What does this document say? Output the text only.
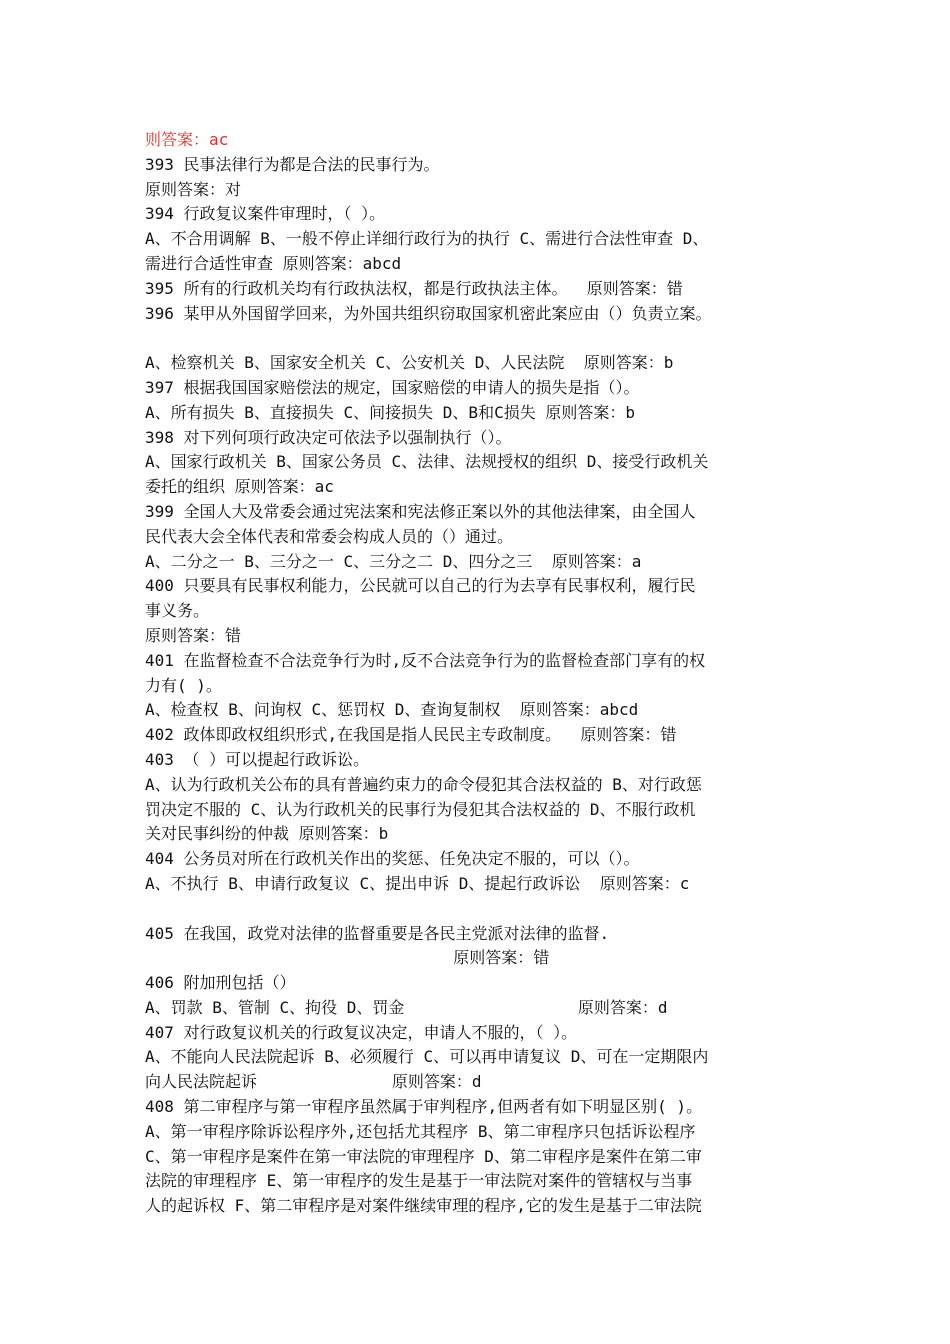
则答案：ac
393 民事法律行为都是合法的民事行为。
原则答案：对
394 行政复议案件审理时，（ ）。
A、不合用调解 B、一般不停止详细行政行为的执行 C、需进行合法性审查 D、
需进行合适性审查 原则答案：abcd
395 所有的行政机关均有行政执法权，都是行政执法主体。  原则答案：错
396 某甲从外国留学回来，为外国共组织窃取国家机密此案应由（）负责立案。
A、检察机关 B、国家安全机关 C、公安机关 D、人民法院  原则答案：b
397 根据我国国家赔偿法的规定，国家赔偿的申请人的损失是指（）。
A、所有损失 B、直接损失 C、间接损失 D、B和C损失 原则答案：b
398 对下列何项行政决定可依法予以强制执行（）。
A、国家行政机关 B、国家公务员 C、法律、法规授权的组织 D、接受行政机关
委托的组织 原则答案：ac
399 全国人大及常委会通过宪法案和宪法修正案以外的其他法律案，由全国人
民代表大会全体代表和常委会构成人员的（）通过。
A、二分之一 B、三分之一 C、三分之二 D、四分之三  原则答案：a
400 只要具有民事权利能力，公民就可以自己的行为去享有民事权利，履行民
事义务。
原则答案：错
401 在监督检查不合法竞争行为时,反不合法竞争行为的监督检查部门享有的权
力有( )。
A、检查权 B、问询权 C、惩罚权 D、查询复制权  原则答案：abcd
402 政体即政权组织形式,在我国是指人民民主专政制度。  原则答案：错
403 （ ）可以提起行政诉讼。
A、认为行政机关公布的具有普遍约束力的命令侵犯其合法权益的 B、对行政惩
罚决定不服的 C、认为行政机关的民事行为侵犯其合法权益的 D、不服行政机
关对民事纠纷的仲裁 原则答案：b
404 公务员对所在行政机关作出的奖惩、任免决定不服的，可以（）。
A、不执行 B、申请行政复议 C、提出申诉 D、提起行政诉讼  原则答案：c
405 在我国，政党对法律的监督重要是各民主党派对法律的监督.
原则答案：错
406 附加刑包括（）
A、罚款 B、管制 C、拘役 D、罚金                  原则答案：d
407 对行政复议机关的行政复议决定，申请人不服的，（ ）。
A、不能向人民法院起诉 B、必须履行 C、可以再申请复议 D、可在一定期限内
向人民法院起诉              原则答案：d
408 第二审程序与第一审程序虽然属于审判程序,但两者有如下明显区别( )。
A、第一审程序除诉讼程序外,还包括尤其程序 B、第二审程序只包括诉讼程序
C、第一审程序是案件在第一审法院的审理程序 D、第二审程序是案件在第二审
法院的审理程序 E、第一审程序的发生是基于一审法院对案件的管辖权与当事
人的起诉权 F、第二审程序是对案件继续审理的程序,它的发生是基于二审法院
